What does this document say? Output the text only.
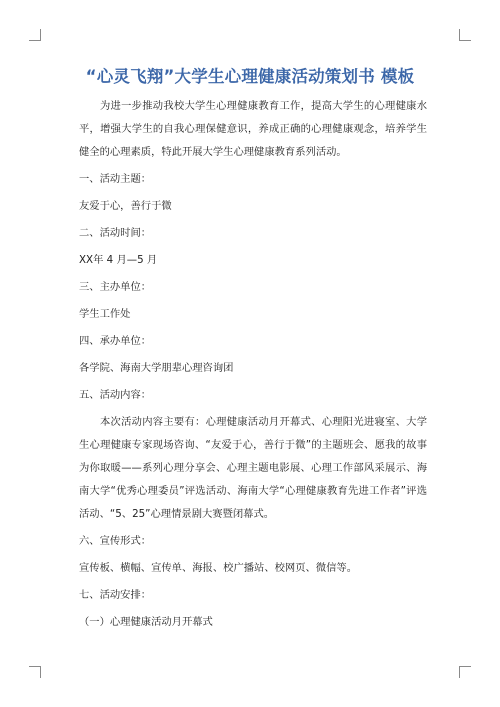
“心灵飞翔”大学生心理健康活动策划书 模板

为进一步推动我校大学生心理健康教育工作，提高大学生的心理健康水平，增强大学生的自我心理保健意识，养成正确的心理健康观念，培养学生健全的心理素质，特此开展大学生心理健康教育系列活动。

一、活动主题：
友爱于心，善行于微
二、活动时间：
XX年 4 月—5 月
三、主办单位：
学生工作处
四、承办单位：
各学院、海南大学朋辈心理咨询团
五、活动内容：

本次活动内容主要有：心理健康活动月开幕式、心理阳光进寝室、大学生心理健康专家现场咨询、“友爱于心，善行于微”的主题班会、愿我的故事为你取暖——系列心理分享会、心理主题电影展、心理工作部风采展示、海南大学“优秀心理委员”评选活动、海南大学“心理健康教育先进工作者”评选活动、“5、25”心理情景剧大赛暨闭幕式。

六、宣传形式：
宣传板、横幅、宣传单、海报、校广播站、校网页、微信等。
七、活动安排：
（一）心理健康活动月开幕式
